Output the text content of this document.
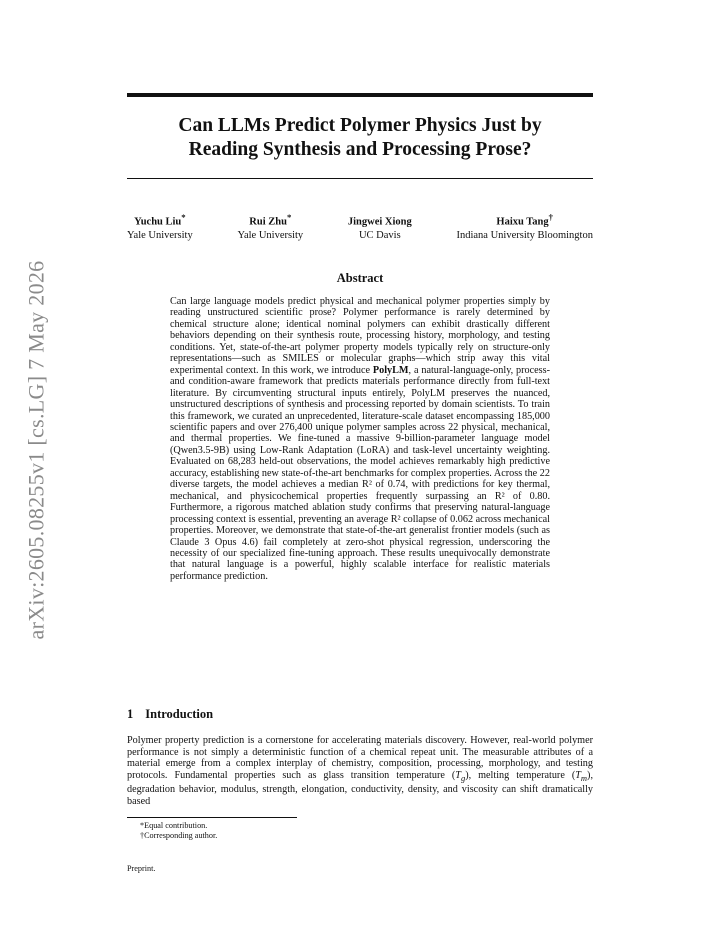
arXiv:2605.08255v1 [cs.LG] 7 May 2026
Can LLMs Predict Polymer Physics Just by
Reading Synthesis and Processing Prose?
Yuchu Liu*
Yale University
Rui Zhu*
Yale University
Jingwei Xiong
UC Davis
Haixu Tang†
Indiana University Bloomington
Abstract
Can large language models predict physical and mechanical polymer properties simply by reading unstructured scientific prose? Polymer performance is rarely determined by chemical structure alone; identical nominal polymers can exhibit drastically different behaviors depending on their synthesis route, processing history, morphology, and testing conditions. Yet, state-of-the-art polymer property models typically rely on structure-only representations—such as SMILES or molecular graphs—which strip away this vital experimental context. In this work, we introduce PolyLM, a natural-language-only, process- and condition-aware framework that predicts materials performance directly from full-text literature. By circumventing structural inputs entirely, PolyLM preserves the nuanced, unstructured descriptions of synthesis and processing reported by domain scientists. To train this framework, we curated an unprecedented, literature-scale dataset encompassing 185,000 scientific papers and over 276,400 unique polymer samples across 22 physical, mechanical, and thermal properties. We fine-tuned a massive 9-billion-parameter language model (Qwen3.5-9B) using Low-Rank Adaptation (LoRA) and task-level uncertainty weighting. Evaluated on 68,283 held-out observations, the model achieves remarkably high predictive accuracy, establishing new state-of-the-art benchmarks for complex properties. Across the 22 diverse targets, the model achieves a median R² of 0.74, with predictions for key thermal, mechanical, and physicochemical properties frequently surpassing an R² of 0.80. Furthermore, a rigorous matched ablation study confirms that preserving natural-language processing context is essential, preventing an average R² collapse of 0.062 across mechanical properties. Moreover, we demonstrate that state-of-the-art generalist frontier models (such as Claude 3 Opus 4.6) fail completely at zero-shot physical regression, underscoring the necessity of our specialized fine-tuning approach. These results unequivocally demonstrate that natural language is a powerful, highly scalable interface for realistic materials performance prediction.
1 Introduction
Polymer property prediction is a cornerstone for accelerating materials discovery. However, real-world polymer performance is not simply a deterministic function of a chemical repeat unit. The measurable attributes of a material emerge from a complex interplay of chemistry, composition, processing, morphology, and testing protocols. Fundamental properties such as glass transition temperature $(T_g)$, melting temperature $(T_m)$, degradation behavior, modulus, strength, elongation, conductivity, density, and viscosity can shift dramatically based
*Equal contribution.
†Corresponding author.
Preprint.
